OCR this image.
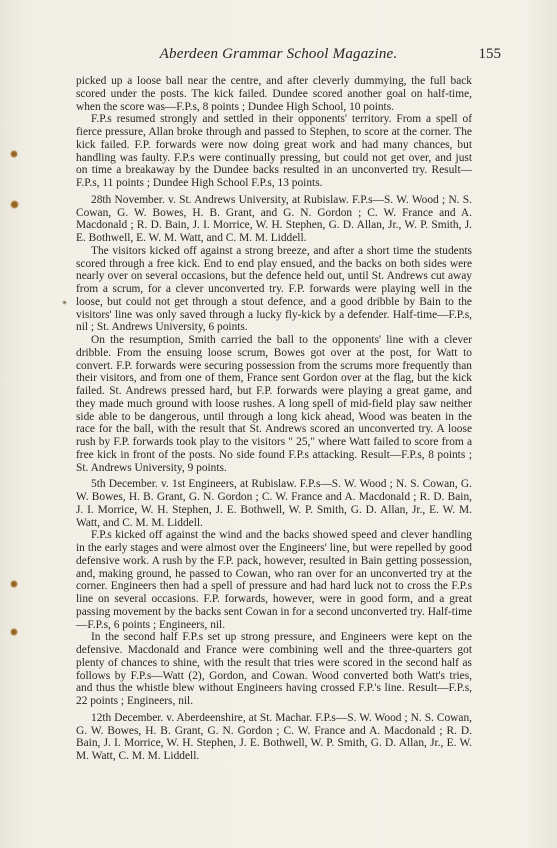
Aberdeen Grammar School Magazine.	155

picked up a loose ball near the centre, and after cleverly dummying, the full back scored under the posts. The kick failed. Dundee scored another goal on half-time, when the score was—F.P.s, 8 points ; Dundee High School, 10 points.

F.P.s resumed strongly and settled in their opponents' territory. From a spell of fierce pressure, Allan broke through and passed to Stephen, to score at the corner. The kick failed. F.P. forwards were now doing great work and had many chances, but handling was faulty. F.P.s were continually pressing, but could not get over, and just on time a breakaway by the Dundee backs resulted in an unconverted try. Result—F.P.s, 11 points ; Dundee High School F.P.s, 13 points.

28th November. v. St. Andrews University, at Rubislaw. F.P.s—S. W. Wood ; N. S. Cowan, G. W. Bowes, H. B. Grant, and G. N. Gordon ; C. W. France and A. Macdonald ; R. D. Bain, J. I. Morrice, W. H. Stephen, G. D. Allan, Jr., W. P. Smith, J. E. Bothwell, E. W. M. Watt, and C. M. M. Liddell.

The visitors kicked off against a strong breeze, and after a short time the students scored through a free kick. End to end play ensued, and the backs on both sides were nearly over on several occasions, but the defence held out, until St. Andrews cut away from a scrum, for a clever unconverted try. F.P. forwards were playing well in the loose, but could not get through a stout defence, and a good dribble by Bain to the visitors' line was only saved through a lucky fly-kick by a defender. Half-time—F.P.s, nil ; St. Andrews University, 6 points.

On the resumption, Smith carried the ball to the opponents' line with a clever dribble. From the ensuing loose scrum, Bowes got over at the post, for Watt to convert. F.P. forwards were securing possession from the scrums more frequently than their visitors, and from one of them, France sent Gordon over at the flag, but the kick failed. St. Andrews pressed hard, but F.P. forwards were playing a great game, and they made much ground with loose rushes. A long spell of mid-field play saw neither side able to be dangerous, until through a long kick ahead, Wood was beaten in the race for the ball, with the result that St. Andrews scored an unconverted try. A loose rush by F.P. forwards took play to the visitors " 25," where Watt failed to score from a free kick in front of the posts. No side found F.P.s attacking. Result—F.P.s, 8 points ; St. Andrews University, 9 points.

5th December. v. 1st Engineers, at Rubislaw. F.P.s—S. W. Wood ; N. S. Cowan, G. W. Bowes, H. B. Grant, G. N. Gordon ; C. W. France and A. Macdonald ; R. D. Bain, J. I. Morrice, W. H. Stephen, J. E. Bothwell, W. P. Smith, G. D. Allan, Jr., E. W. M. Watt, and C. M. M. Liddell.

F.P.s kicked off against the wind and the backs showed speed and clever handling in the early stages and were almost over the Engineers' line, but were repelled by good defensive work. A rush by the F.P. pack, however, resulted in Bain getting possession, and, making ground, he passed to Cowan, who ran over for an unconverted try at the corner. Engineers then had a spell of pressure and had hard luck not to cross the F.P.s line on several occasions. F.P. forwards, however, were in good form, and a great passing movement by the backs sent Cowan in for a second unconverted try. Half-time—F.P.s, 6 points ; Engineers, nil.

In the second half F.P.s set up strong pressure, and Engineers were kept on the defensive. Macdonald and France were combining well and the three-quarters got plenty of chances to shine, with the result that tries were scored in the second half as follows by F.P.s—Watt (2), Gordon, and Cowan. Wood converted both Watt's tries, and thus the whistle blew without Engineers having crossed F.P.'s line. Result—F.P.s, 22 points ; Engineers, nil.

12th December. v. Aberdeenshire, at St. Machar. F.P.s—S. W. Wood ; N. S. Cowan, G. W. Bowes, H. B. Grant, G. N. Gordon ; C. W. France and A. Macdonald ; R. D. Bain, J. I. Morrice, W. H. Stephen, J. E. Bothwell, W. P. Smith, G. D. Allan, Jr., E. W. M. Watt, C. M. M. Liddell.
